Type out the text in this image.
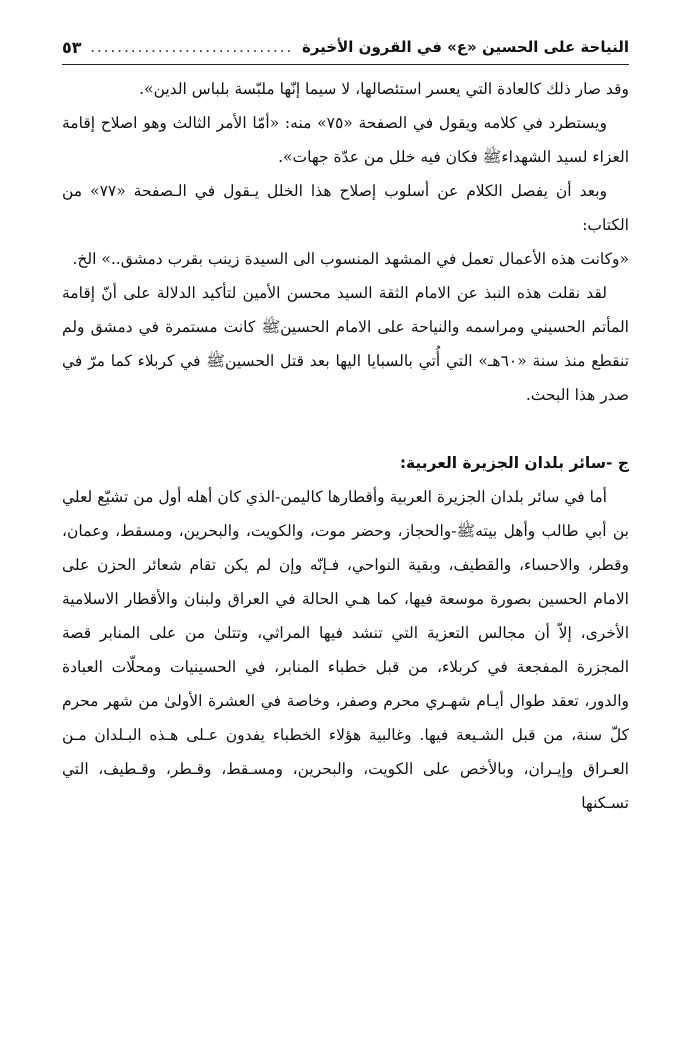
النياحة على الحسين «ع» في القرون الأخيرة
..............................
٥٣

وقد صار ذلك كالعادة التي يعسر استئصالها، لا سيما إنّها ملبّسة بلباس الدين».

ويستطرد في كلامه ويقول في الصفحة «٧٥» منه: «أمّا الأمر الثالث وهو اصلاح إقامة العزاء لسيد الشهداءﷺ فكان فيه خلل من عدّة جهات».

وبعد أن يفصل الكلام عن أسلوب إصلاح هذا الخلل يـقول في الـصفحة «٧٧» من الكتاب:

«وكانت هذه الأعمال تعمل في المشهد المنسوب الى السيدة زينب بقرب دمشق..» الخ.

لقد نقلت هذه النبذ عن الامام الثقة السيد محسن الأمين لتأكيد الدلالة على أنّ إقامة المأتم الحسيني ومراسمه والنياحة على الامام الحسينﷺ كانت مستمرة في دمشق ولم تنقطع منذ سنة «٦٠هـ» التي أُتي بالسبايا اليها بعد قتل الحسينﷺ في كربلاء كما مرّ في صدر هذا البحث.

ج -سائر بلدان الجزيرة العربية:

أما في سائر بلدان الجزيرة العربية وأقطارها كاليمن-الذي كان أهله أول من تشيّع لعلي بن أبي طالب وأهل بيتهﷺ-والحجاز، وحضر موت، والكويت، والبحرين، ومسقط، وعمان، وقطر، والاحساء، والقطيف، وبقية النواحي، فـإنّه وإن لم يكن تقام شعائر الحزن على الامام الحسين بصورة موسعة فيها، كما هـي الحالة في العراق ولبنان والأقطار الاسلامية الأخرى، إلاّ أن مجالس التعزية التي تنشد فيها المراثي، وتتلىٰ من على المنابر قصة المجزرة المفجعة في كربلاء، من قبل خطباء المنابر، في الحسينيات ومحلّات العبادة والدور، تعقد طوال أيـام شهـري محرم وصفر، وخاصة في العشرة الأولىٰ من شهر محرم كلّ سنة، من قبل الشـيعة فيها. وغالبية هؤلاء الخطباء يفدون عـلى هـذه البـلدان مـن العـراق وإيـران، وبالأخص على الكويت، والبحرين، ومسـقط، وقـطر، وقـطيف، التي تسـكنها
